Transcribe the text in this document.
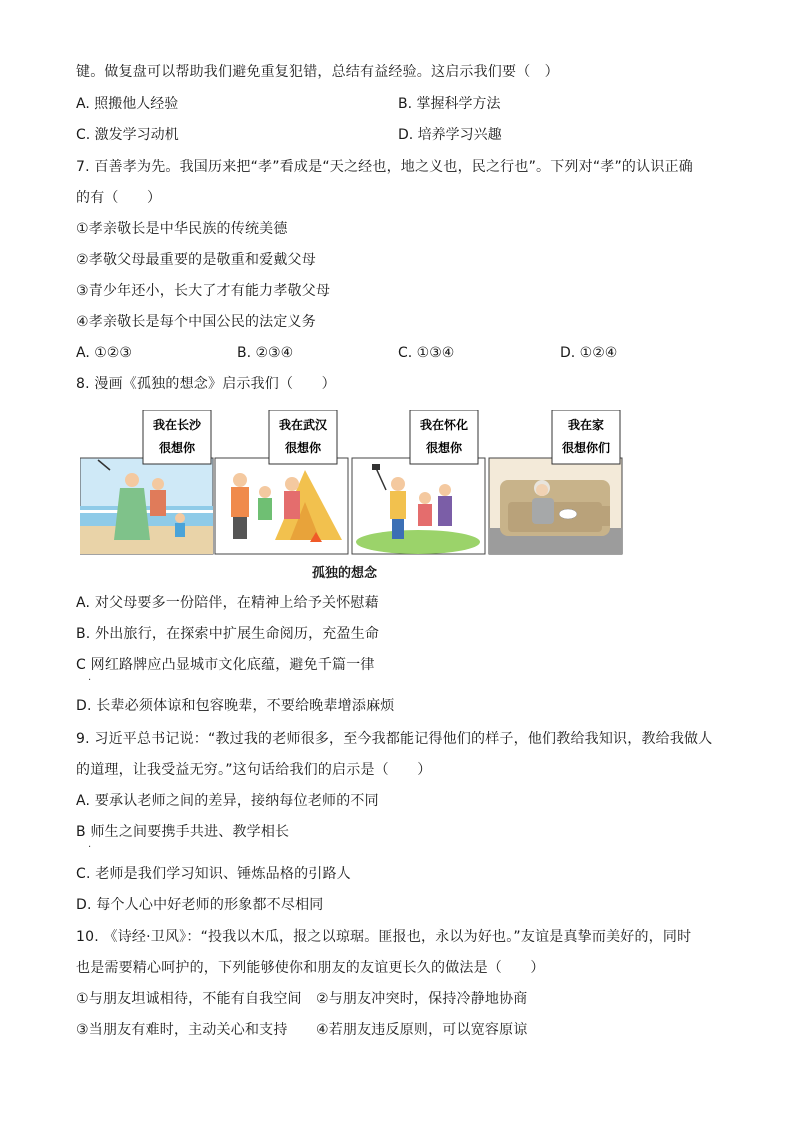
键。做复盘可以帮助我们避免重复犯错，总结有益经验。这启示我们要（　）
A. 照搬他人经验	B. 掌握科学方法
C. 激发学习动机	D. 培养学习兴趣
7. 百善孝为先。我国历来把“孝”看成是“天之经也，地之义也，民之行也”。下列对“孝”的认识正确
的有（　　）
①孝亲敬长是中华民族的传统美德
②孝敬父母最重要的是敬重和爱戴父母
③青少年还小，长大了才有能力孝敬父母
④孝亲敬长是每个中国公民的法定义务
A. ①②③	B. ②③④	C. ①③④	D. ①②④
8. 漫画《孤独的想念》启示我们（　　）
我在长沙
很想你
我在武汉
很想你
我在怀化
很想你
我在家
很想你们
孤独的想念
A. 对父母要多一份陪伴，在精神上给予关怀慰藉
B. 外出旅行，在探索中扩展生命阅历，充盈生命
C 网红路牌应凸显城市文化底蕴，避免千篇一律
.
D. 长辈必须体谅和包容晚辈，不要给晚辈增添麻烦
9. 习近平总书记说：“教过我的老师很多，至今我都能记得他们的样子，他们教给我知识，教给我做人
的道理，让我受益无穷。”这句话给我们的启示是（　　）
A. 要承认老师之间的差异，接纳每位老师的不同
B 师生之间要携手共进、教学相长
.
C. 老师是我们学习知识、锤炼品格的引路人
D. 每个人心中好老师的形象都不尽相同
10. 《诗经·卫风》：“投我以木瓜，报之以琼琚。匪报也，永以为好也。”友谊是真挚而美好的，同时
也是需要精心呵护的，下列能够使你和朋友的友谊更长久的做法是（　　）
①与朋友坦诚相待，不能有自我空间　②与朋友冲突时，保持冷静地协商
③当朋友有难时，主动关心和支持　　④若朋友违反原则，可以宽容原谅
